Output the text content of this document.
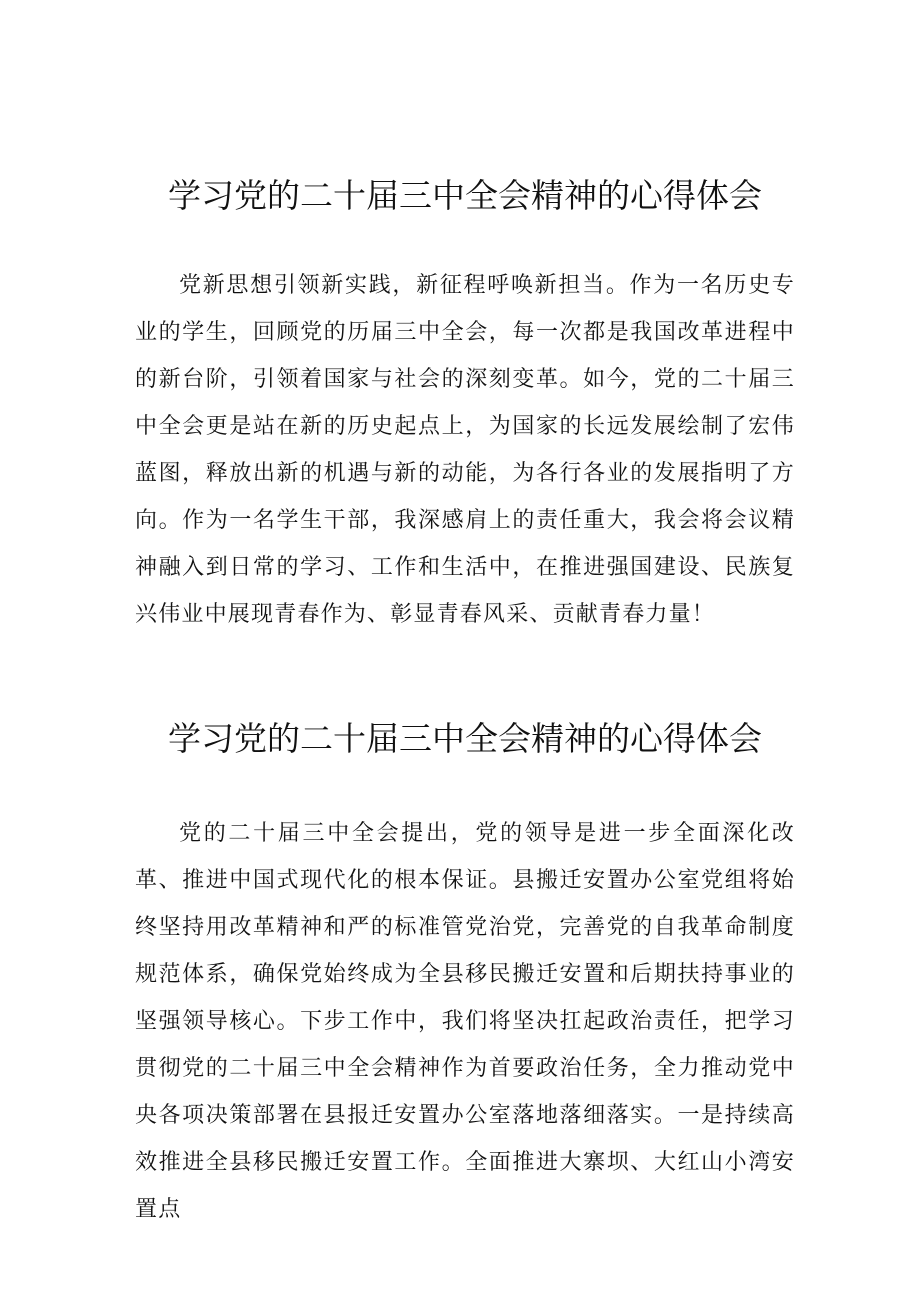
学习党的二十届三中全会精神的心得体会

党新思想引领新实践，新征程呼唤新担当。作为一名历史专业的学生，回顾党的历届三中全会，每一次都是我国改革进程中的新台阶，引领着国家与社会的深刻变革。如今，党的二十届三中全会更是站在新的历史起点上，为国家的长远发展绘制了宏伟蓝图，释放出新的机遇与新的动能，为各行各业的发展指明了方向。作为一名学生干部，我深感肩上的责任重大，我会将会议精神融入到日常的学习、工作和生活中，在推进强国建设、民族复兴伟业中展现青春作为、彰显青春风采、贡献青春力量！

学习党的二十届三中全会精神的心得体会

党的二十届三中全会提出，党的领导是进一步全面深化改革、推进中国式现代化的根本保证。县搬迁安置办公室党组将始终坚持用改革精神和严的标准管党治党，完善党的自我革命制度规范体系，确保党始终成为全县移民搬迁安置和后期扶持事业的坚强领导核心。下步工作中，我们将坚决扛起政治责任，把学习贯彻党的二十届三中全会精神作为首要政治任务，全力推动党中央各项决策部署在县报迁安置办公室落地落细落实。一是持续高效推进全县移民搬迁安置工作。全面推进大寨坝、大红山小湾安置点
